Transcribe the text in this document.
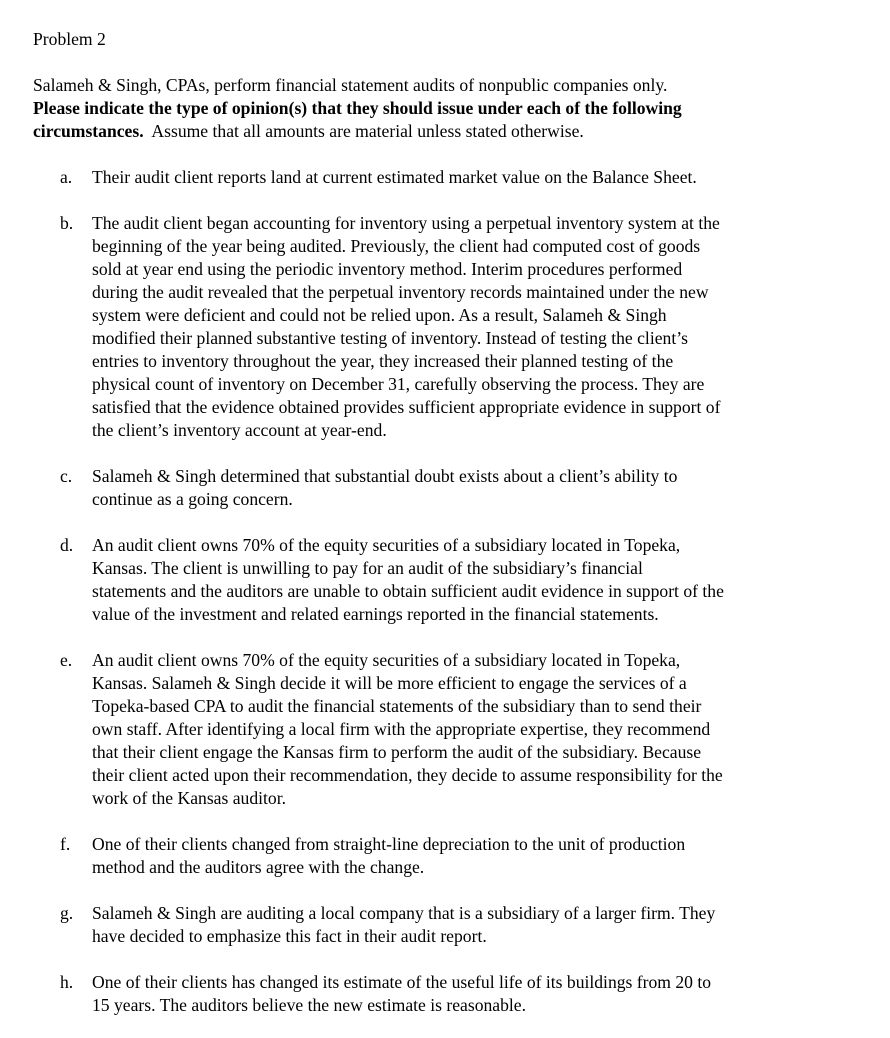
Problem 2
Salameh & Singh, CPAs, perform financial statement audits of nonpublic companies only.
Please indicate the type of opinion(s) that they should issue under each of the following
circumstances.  Assume that all amounts are material unless stated otherwise.
a.	Their audit client reports land at current estimated market value on the Balance Sheet.
b.	The audit client began accounting for inventory using a perpetual inventory system at the
beginning of the year being audited. Previously, the client had computed cost of goods
sold at year end using the periodic inventory method. Interim procedures performed
during the audit revealed that the perpetual inventory records maintained under the new
system were deficient and could not be relied upon. As a result, Salameh & Singh
modified their planned substantive testing of inventory. Instead of testing the client’s
entries to inventory throughout the year, they increased their planned testing of the
physical count of inventory on December 31, carefully observing the process. They are
satisfied that the evidence obtained provides sufficient appropriate evidence in support of
the client’s inventory account at year-end.
c.	Salameh & Singh determined that substantial doubt exists about a client’s ability to
continue as a going concern.
d.	An audit client owns 70% of the equity securities of a subsidiary located in Topeka,
Kansas. The client is unwilling to pay for an audit of the subsidiary’s financial
statements and the auditors are unable to obtain sufficient audit evidence in support of the
value of the investment and related earnings reported in the financial statements.
e.	An audit client owns 70% of the equity securities of a subsidiary located in Topeka,
Kansas. Salameh & Singh decide it will be more efficient to engage the services of a
Topeka-based CPA to audit the financial statements of the subsidiary than to send their
own staff. After identifying a local firm with the appropriate expertise, they recommend
that their client engage the Kansas firm to perform the audit of the subsidiary. Because
their client acted upon their recommendation, they decide to assume responsibility for the
work of the Kansas auditor.
f.	One of their clients changed from straight-line depreciation to the unit of production
method and the auditors agree with the change.
g.	Salameh & Singh are auditing a local company that is a subsidiary of a larger firm. They
have decided to emphasize this fact in their audit report.
h.	One of their clients has changed its estimate of the useful life of its buildings from 20 to
15 years. The auditors believe the new estimate is reasonable.
